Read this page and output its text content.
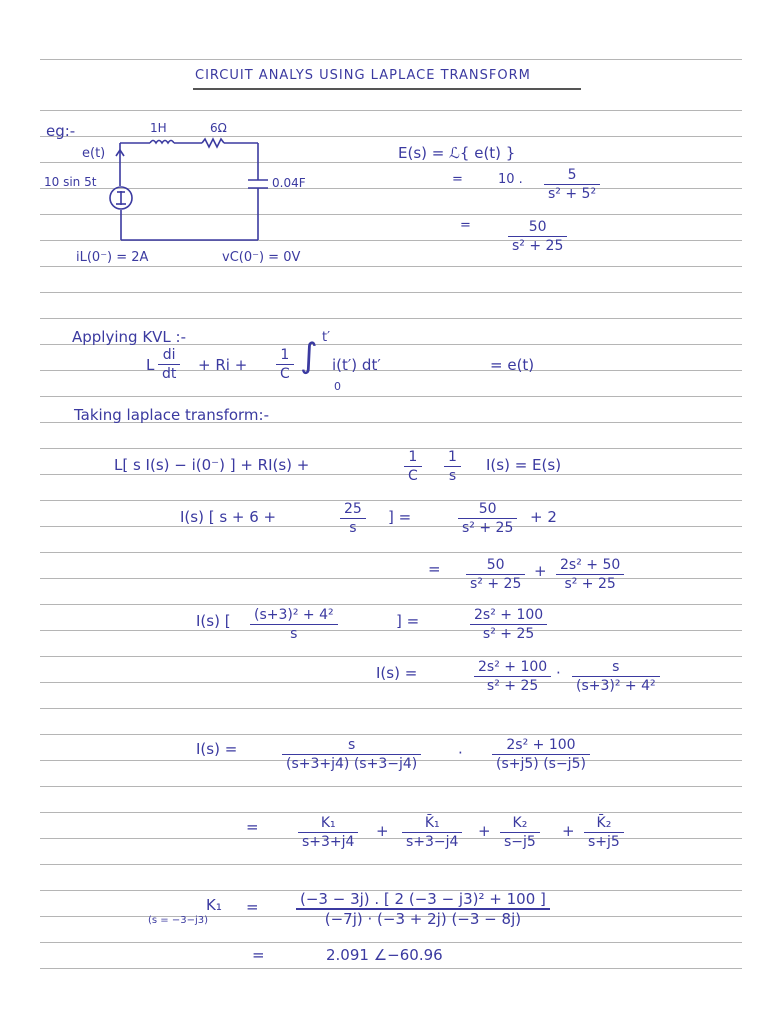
CIRCUIT ANALYS USING LAPLACE TRANSFORM
eg:-
e(t)
10 sin 5t
1H	6Ω
0.04F
iL(0⁻) = 2A	vC(0⁻) = 0V
E(s) = ℒ{ e(t) }
=	10 .	5
s² + 5²
=	50
s² + 25
Applying KVL :-
L
di
dt
+ Ri +
1
C ∫ t′
0
i(t′) dt′	= e(t)
Taking laplace transform:-
L[ s I(s) − i(0⁻) ] + RI(s) +	1
C
1
s
I(s) = E(s)
I(s) [ s + 6 +	25
s
] =	50
s² + 25
+ 2
=	50
s² + 25
+ 2s² + 50
s² + 25
I(s) [ (s+3)² + 4²
s
] =	2s² + 100
s² + 25
I(s) =	2s² + 100
s² + 25
·	s
(s+3)² + 4²
I(s) =	s
(s+3+j4) (s+3−j4)
·	2s² + 100
(s+j5) (s−j5)
=	K₁
s+3+j4
+	K̄₁
s+3−j4
+ K₂
s−j5
+ K̄₂
s+j5
K₁
(s = −3−j3)
=	(−3 − 3j) . [ 2 (−3 − j3)² + 100 ]
(−7j) · (−3 + 2j) (−3 − 8j)
=	2.091 ∠−60.96
